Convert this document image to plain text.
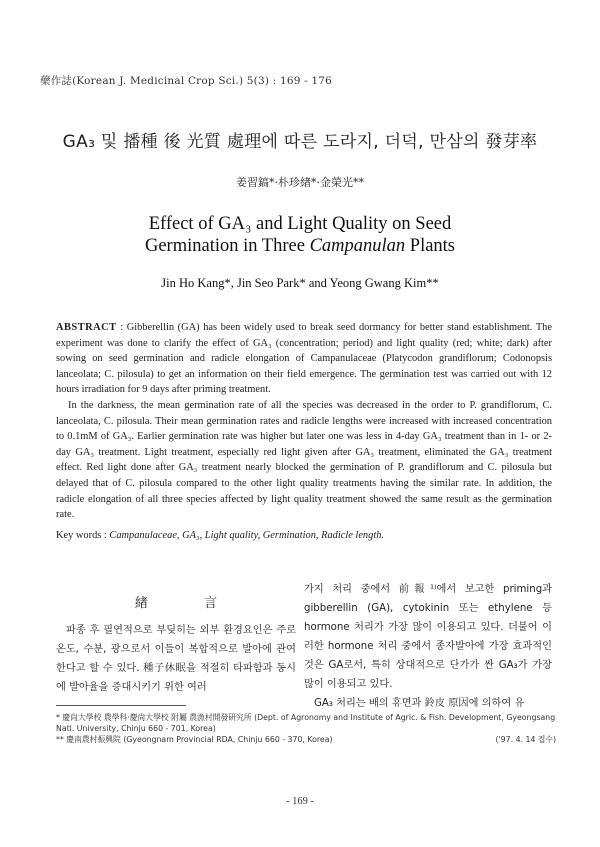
藥作誌(Korean J. Medicinal Crop Sci.) 5(3) : 169 - 176
GA₃ 및 播種 後 光質 處理에 따른 도라지, 더덕, 만삼의 發芽率
姜習鎬*·朴珍緖*·金榮光**
Effect of GA₃ and Light Quality on Seed
Germination in Three Campanulan Plants
Jin Ho Kang*, Jin Seo Park* and Yeong Gwang Kim**

ABSTRACT : Gibberellin (GA) has been widely used to break seed dormancy for better stand establishment. The experiment was done to clarify the effect of GA₃ (concentration; period) and light quality (red; white; dark) after sowing on seed germination and radicle elongation of Campanulaceae (Platycodon grandiflorum; Codonopsis lanceolata; C. pilosula) to get an information on their field emergence. The germination test was carried out with 12 hours irradiation for 9 days after priming treatment.

In the darkness, the mean germination rate of all the species was decreased in the order to P. grandiflorum, C. lanceolata, C. pilosula. Their mean germination rates and radicle lengths were increased with increased concentration to 0.1mM of GA₃. Earlier germination rate was higher but later one was less in 4-day GA₃ treatment than in 1- or 2-day GA₃ treatment. Light treatment, especially red light given after GA₃ treatment, eliminated the GA₃ treatment effect. Red light done after GA₃ treatment nearly blocked the germination of P. grandiflorum and C. pilosula but delayed that of C. pilosula compared to the other light quality treatments having the similar rate. In addition, the radicle elongation of all three species affected by light quality treatment showed the same result as the germination rate.

Key words : Campanulaceae, GA₃, Light quality, Germination, Radicle length.
緖 言

파종 후 필연적으로 부딪히는 외부 환경요인은 주로 온도, 수분, 광으로서 이들이 복합적으로 발아에 관여한다고 할 수 있다. 種子休眠을 적절히 타파함과 동시에 발아율을 증대시키기 위한 여러

가지 처리 중에서 前報¹⁾에서 보고한 priming과 gibberellin (GA), cytokinin 또는 ethylene 등 hormone 처리가 가장 많이 이용되고 있다. 더불어 이러한 hormone 처리 중에서 종자발아에 가장 효과적인 것은 GA로서, 특히 상대적으로 단가가 싼 GA₃가 가장 많이 이용되고 있다.

GA₃ 처리는 배의 휴면과 鈴皮 原因에 의하여 유

* 慶尙大學校 農學科·慶尙大學校 附屬 農漁村開發硏究所 (Dept. of Agronomy and Institute of Agric. & Fish. Development, Gyeongsang Natl. University, Chinju 660 - 701, Korea)
** 慶南農村振興院 (Gyeongnam Provincial RDA, Chinju 660 - 370, Korea)	('97. 4. 14 접수)
- 169 -
